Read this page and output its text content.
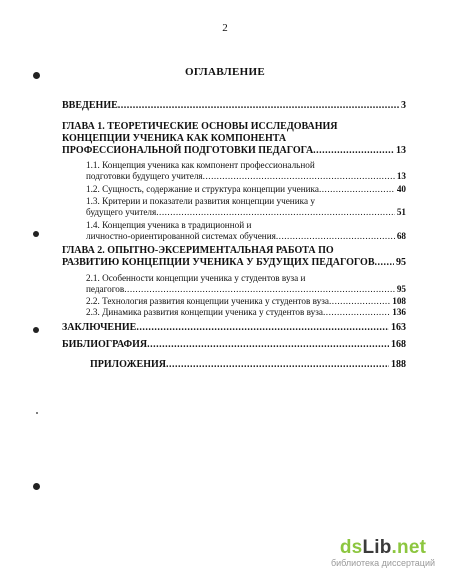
2
ОГЛАВЛЕНИЕ
ВВЕДЕНИЕ .....	3
ГЛАВА 1. ТЕОРЕТИЧЕСКИЕ ОСНОВЫ ИССЛЕДОВАНИЯ
КОНЦЕПЦИИ УЧЕНИКА КАК КОМПОНЕНТА
ПРОФЕССИОНАЛЬНОЙ ПОДГОТОВКИ ПЕДАГОГА .....	13
1.1. Концепция ученика как компонент профессиональной
подготовки будущего учителя .....	13
1.2. Сущность, содержание и структура концепции ученика .....	40
1.3. Критерии и показатели развития концепции ученика у
будущего учителя .....	51
1.4. Концепция ученика в традиционной и
личностно-ориентированной системах обучения .....	68
ГЛАВА 2. ОПЫТНО-ЭКСЕРИМЕНТАЛЬНАЯ РАБОТА ПО
РАЗВИТИЮ КОНЦЕПЦИИ УЧЕНИКА У БУДУЩИХ ПЕДАГОГОВ ..... 95
2.1. Особенности концепции ученика у студентов вуза и
педагогов .....	95
2.2. Технология развития концепции ученика у студентов вуза .....	108
2.3. Динамика развития концепции ученика у студентов вуза .....	136
ЗАКЛЮЧЕНИЕ .....	163
БИБЛИОГРАФИЯ .....	168
ПРИЛОЖЕНИЯ .....	188
dsLib.net
библиотека диссертаций
